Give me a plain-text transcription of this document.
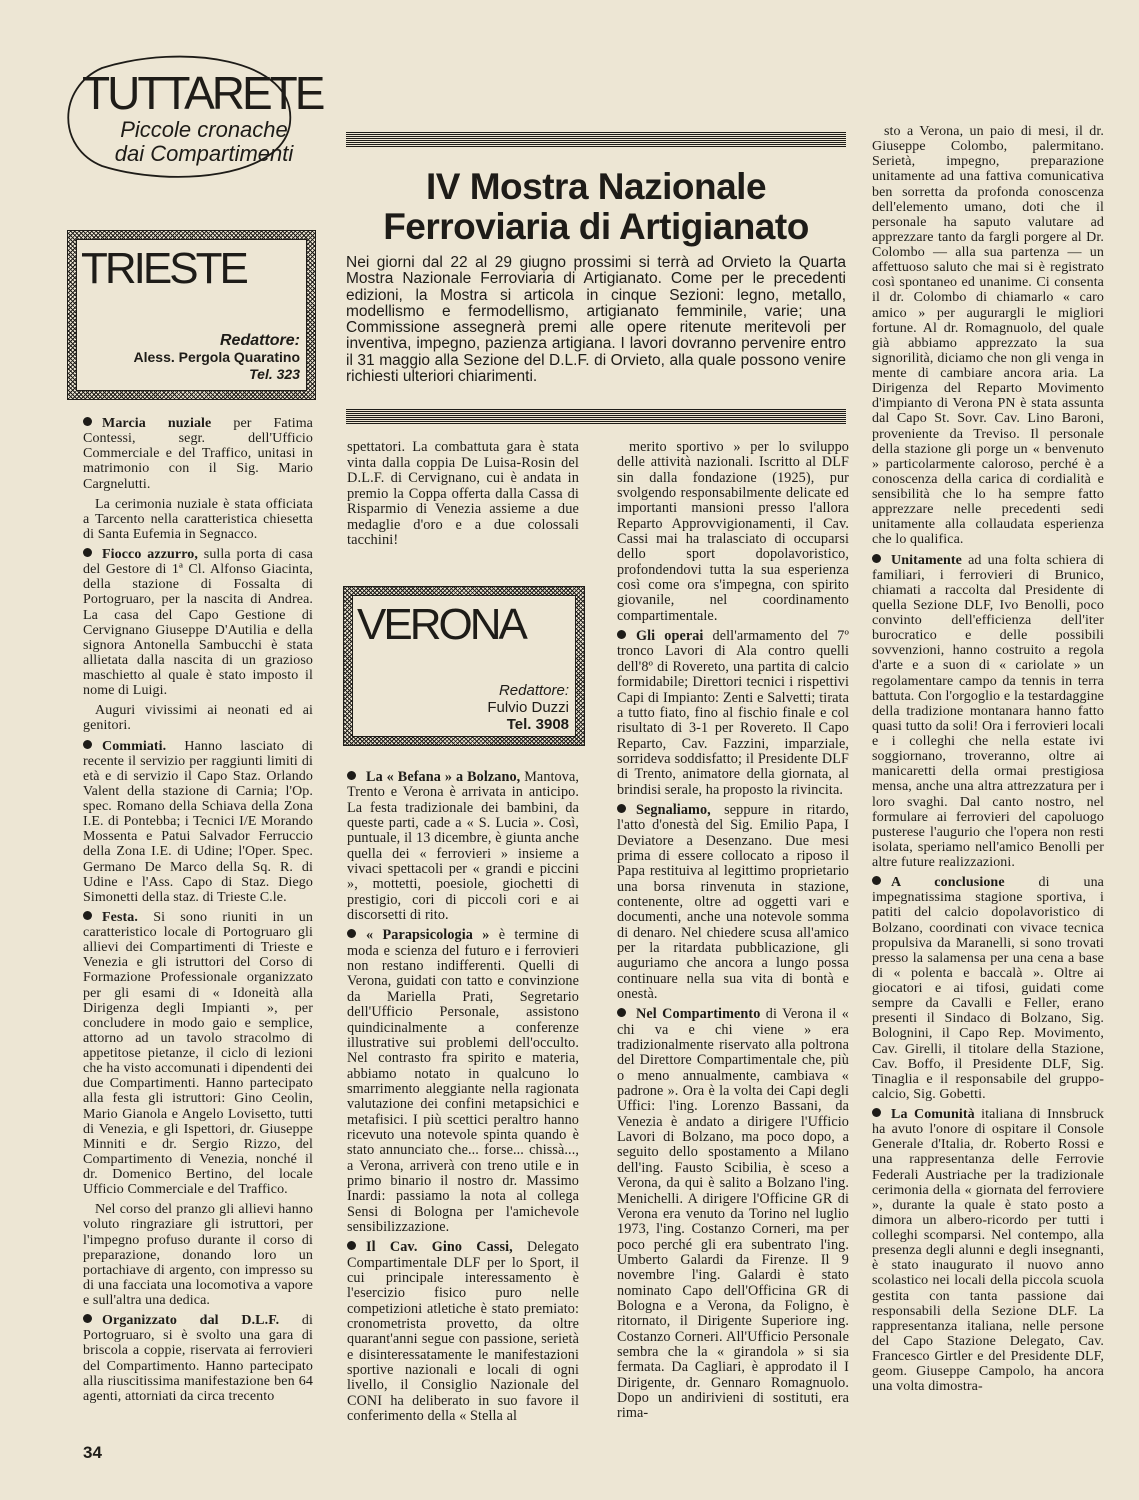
TUTTARETE
Piccole cronache
dai Compartimenti
TRIESTE
Redattore:
Aless. Pergola Quaratino
Tel. 323
IV Mostra Nazionale
Ferroviaria di Artigianato
Nei giorni dal 22 al 29 giugno prossimi si terrà ad Orvieto la Quarta Mostra Nazionale Ferroviaria di Artigianato. Come per le precedenti edizioni, la Mostra si articola in cinque Sezioni: legno, metallo, modellismo e fermodellismo, artigianato femminile, varie; una Commissione assegnerà premi alle opere ritenute meritevoli per inventiva, impegno, pazienza artigiana. I lavori dovranno pervenire entro il 31 maggio alla Sezione del D.L.F. di Orvieto, alla quale possono venire richiesti ulteriori chiarimenti.

Marcia nuziale per Fatima Contessi, segr. dell'Ufficio Commerciale e del Traffico, unitasi in matrimonio con il Sig. Mario Cargnelutti.

La cerimonia nuziale è stata officiata a Tarcento nella caratteristica chiesetta di Santa Eufemia in Segnacco.

Fiocco azzurro, sulla porta di casa del Gestore di 1ª Cl. Alfonso Giacinta, della stazione di Fossalta di Portogruaro, per la nascita di Andrea. La casa del Capo Gestione di Cervignano Giuseppe D'Autilia e della signora Antonella Sambucchi è stata allietata dalla nascita di un grazioso maschietto al quale è stato imposto il nome di Luigi.

Auguri vivissimi ai neonati ed ai genitori.

Commiati. Hanno lasciato di recente il servizio per raggiunti limiti di età e di servizio il Capo Staz. Orlando Valent della stazione di Carnia; l'Op. spec. Romano della Schiava della Zona I.E. di Pontebba; i Tecnici I/E Morando Mossenta e Patui Salvador Ferruccio della Zona I.E. di Udine; l'Oper. Spec. Germano De Marco della Sq. R. di Udine e l'Ass. Capo di Staz. Diego Simonetti della staz. di Trieste C.le.

Festa. Si sono riuniti in un caratteristico locale di Portogruaro gli allievi dei Compartimenti di Trieste e Venezia e gli istruttori del Corso di Formazione Professionale organizzato per gli esami di « Idoneità alla Dirigenza degli Impianti », per concludere in modo gaio e semplice, attorno ad un tavolo stracolmo di appetitose pietanze, il ciclo di lezioni che ha visto accomunati i dipendenti dei due Compartimenti. Hanno partecipato alla festa gli istruttori: Gino Ceolin, Mario Gianola e Angelo Lovisetto, tutti di Venezia, e gli Ispettori, dr. Giuseppe Minniti e dr. Sergio Rizzo, del Compartimento di Venezia, nonché il dr. Domenico Bertino, del locale Ufficio Commerciale e del Traffico.

Nel corso del pranzo gli allievi hanno voluto ringraziare gli istruttori, per l'impegno profuso durante il corso di preparazione, donando loro un portachiave di argento, con impresso su di una facciata una locomotiva a vapore e sull'altra una dedica.

Organizzato dal D.L.F. di Portogruaro, si è svolto una gara di briscola a coppie, riservata ai ferrovieri del Compartimento. Hanno partecipato alla riuscitissima manifestazione ben 64 agenti, attorniati da circa trecento

spettatori. La combattuta gara è stata vinta dalla coppia De Luisa-Rosin del D.L.F. di Cervignano, cui è andata in premio la Coppa offerta dalla Cassa di Risparmio di Venezia assieme a due medaglie d'oro e a due colossali tacchini!

VERONA
Redattore:
Fulvio Duzzi
Tel. 3908

La « Befana » a Bolzano, Mantova, Trento e Verona è arrivata in anticipo. La festa tradizionale dei bambini, da queste parti, cade a « S. Lucia ». Così, puntuale, il 13 dicembre, è giunta anche quella dei « ferrovieri » insieme a vivaci spettacoli per « grandi e piccini », mottetti, poesiole, giochetti di prestigio, cori di piccoli cori e ai discorsetti di rito.

« Parapsicologia » è termine di moda e scienza del futuro e i ferrovieri non restano indifferenti. Quelli di Verona, guidati con tatto e convinzione da Mariella Prati, Segretario dell'Ufficio Personale, assistono quindicinalmente a conferenze illustrative sui problemi dell'occulto. Nel contrasto fra spirito e materia, abbiamo notato in qualcuno lo smarrimento aleggiante nella ragionata valutazione dei confini metapsichici e metafisici. I più scettici peraltro hanno ricevuto una notevole spinta quando è stato annunciato che... forse... chissà..., a Verona, arriverà con treno utile e in primo binario il nostro dr. Massimo Inardi: passiamo la nota al collega Sensi di Bologna per l'amichevole sensibilizzazione.

Il Cav. Gino Cassi, Delegato Compartimentale DLF per lo Sport, il cui principale interessamento è l'esercizio fisico puro nelle competizioni atletiche è stato premiato: cronometrista provetto, da oltre quarant'anni segue con passione, serietà e disinteressatamente le manifestazioni sportive nazionali e locali di ogni livello, il Consiglio Nazionale del CONI ha deliberato in suo favore il conferimento della « Stella al

merito sportivo » per lo sviluppo delle attività nazionali. Iscritto al DLF sin dalla fondazione (1925), pur svolgendo responsabilmente delicate ed importanti mansioni presso l'allora Reparto Approvvigionamenti, il Cav. Cassi mai ha tralasciato di occuparsi dello sport dopolavoristico, profondendovi tutta la sua esperienza così come ora s'impegna, con spirito giovanile, nel coordinamento compartimentale.

Gli operai dell'armamento del 7º tronco Lavori di Ala contro quelli dell'8º di Rovereto, una partita di calcio formidabile; Direttori tecnici i rispettivi Capi di Impianto: Zenti e Salvetti; tirata a tutto fiato, fino al fischio finale e col risultato di 3-1 per Rovereto. Il Capo Reparto, Cav. Fazzini, imparziale, sorrideva soddisfatto; il Presidente DLF di Trento, animatore della giornata, al brindisi serale, ha proposto la rivincita.

Segnaliamo, seppure in ritardo, l'atto d'onestà del Sig. Emilio Papa, I Deviatore a Desenzano. Due mesi prima di essere collocato a riposo il Papa restituiva al legittimo proprietario una borsa rinvenuta in stazione, contenente, oltre ad oggetti vari e documenti, anche una notevole somma di denaro. Nel chiedere scusa all'amico per la ritardata pubblicazione, gli auguriamo che ancora a lungo possa continuare nella sua vita di bontà e onestà.

Nel Compartimento di Verona il « chi va e chi viene » era tradizionalmente riservato alla poltrona del Direttore Compartimentale che, più o meno annualmente, cambiava « padrone ». Ora è la volta dei Capi degli Uffici: l'ing. Lorenzo Bassani, da Venezia è andato a dirigere l'Ufficio Lavori di Bolzano, ma poco dopo, a seguito dello spostamento a Milano dell'ing. Fausto Scibilia, è sceso a Verona, da qui è salito a Bolzano l'ing. Menichelli. A dirigere l'Officine GR di Verona era venuto da Torino nel luglio 1973, l'ing. Costanzo Corneri, ma per poco perché gli era subentrato l'ing. Umberto Galardi da Firenze. Il 9 novembre l'ing. Galardi è stato nominato Capo dell'Officina GR di Bologna e a Verona, da Foligno, è ritornato, il Dirigente Superiore ing. Costanzo Corneri. All'Ufficio Personale sembra che la « girandola » si sia fermata. Da Cagliari, è approdato il I Dirigente, dr. Gennaro Romagnuolo. Dopo un andirivieni di sostituti, era rima-

sto a Verona, un paio di mesi, il dr. Giuseppe Colombo, palermitano. Serietà, impegno, preparazione unitamente ad una fattiva comunicativa ben sorretta da profonda conoscenza dell'elemento umano, doti che il personale ha saputo valutare ad apprezzare tanto da fargli porgere al Dr. Colombo — alla sua partenza — un affettuoso saluto che mai si è registrato così spontaneo ed unanime. Ci consenta il dr. Colombo di chiamarlo « caro amico » per augurargli le migliori fortune. Al dr. Romagnuolo, del quale già abbiamo apprezzato la sua signorilità, diciamo che non gli venga in mente di cambiare ancora aria. La Dirigenza del Reparto Movimento d'impianto di Verona PN è stata assunta dal Capo St. Sovr. Cav. Lino Baroni, proveniente da Treviso. Il personale della stazione gli porge un « benvenuto » particolarmente caloroso, perché è a conoscenza della carica di cordialità e sensibilità che lo ha sempre fatto apprezzare nelle precedenti sedi unitamente alla collaudata esperienza che lo qualifica.

Unitamente ad una folta schiera di familiari, i ferrovieri di Brunico, chiamati a raccolta dal Presidente di quella Sezione DLF, Ivo Benolli, poco convinto dell'efficienza dell'iter burocratico e delle possibili sovvenzioni, hanno costruito a regola d'arte e a suon di « cariolate » un regolamentare campo da tennis in terra battuta. Con l'orgoglio e la testardaggine della tradizione montanara hanno fatto quasi tutto da soli! Ora i ferrovieri locali e i colleghi che nella estate ivi soggiornano, troveranno, oltre ai manicaretti della ormai prestigiosa mensa, anche una altra attrezzatura per i loro svaghi. Dal canto nostro, nel formulare ai ferrovieri del capoluogo pusterese l'augurio che l'opera non resti isolata, speriamo nell'amico Benolli per altre future realizzazioni.

A conclusione di una impegnatissima stagione sportiva, i patiti del calcio dopolavoristico di Bolzano, coordinati con vivace tecnica propulsiva da Maranelli, si sono trovati presso la salamensa per una cena a base di « polenta e baccalà ». Oltre ai giocatori e ai tifosi, guidati come sempre da Cavalli e Feller, erano presenti il Sindaco di Bolzano, Sig. Bolognini, il Capo Rep. Movimento, Cav. Girelli, il titolare della Stazione, Cav. Boffo, il Presidente DLF, Sig. Tinaglia e il responsabile del gruppo-calcio, Sig. Gobetti.

La Comunità italiana di Innsbruck ha avuto l'onore di ospitare il Console Generale d'Italia, dr. Roberto Rossi e una rappresentanza delle Ferrovie Federali Austriache per la tradizionale cerimonia della « giornata del ferroviere », durante la quale è stato posto a dimora un albero-ricordo per tutti i colleghi scomparsi. Nel contempo, alla presenza degli alunni e degli insegnanti, è stato inaugurato il nuovo anno scolastico nei locali della piccola scuola gestita con tanta passione dai responsabili della Sezione DLF. La rappresentanza italiana, nelle persone del Capo Stazione Delegato, Cav. Francesco Girtler e del Presidente DLF, geom. Giuseppe Campolo, ha ancora una volta dimostra-

34
